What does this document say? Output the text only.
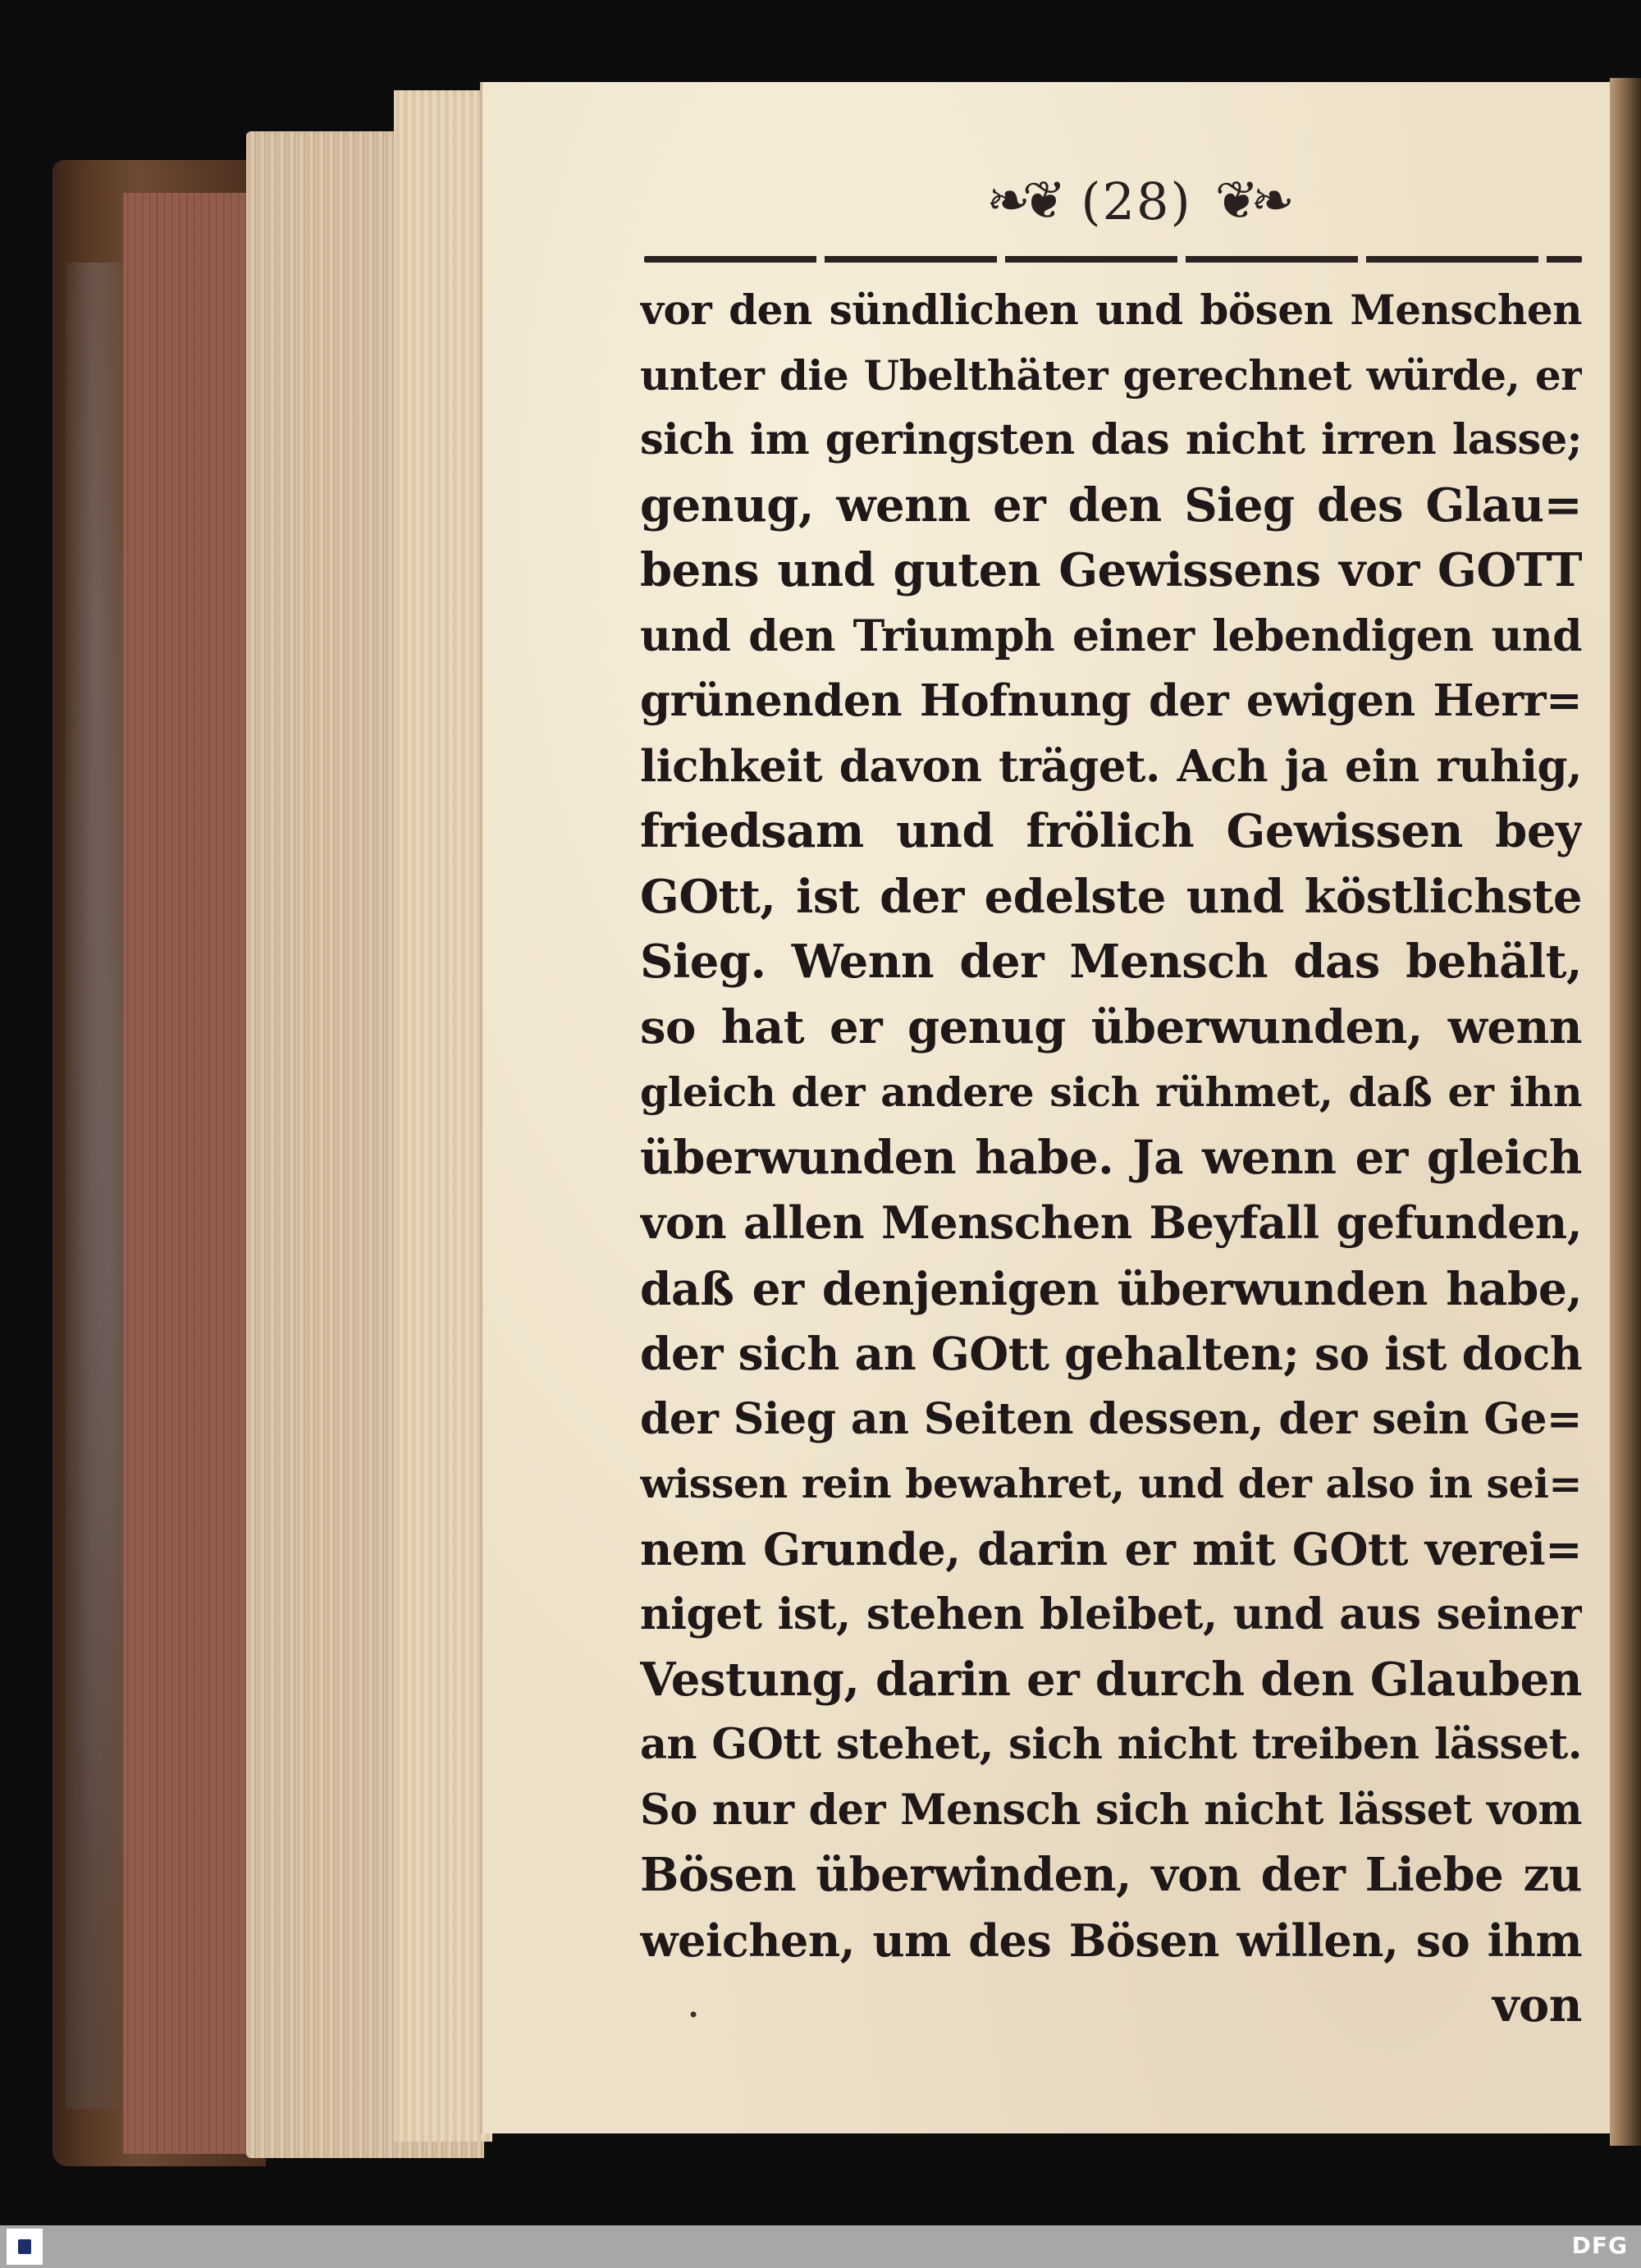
❧❦ (28) ❦❧
vor den sündlichen und bösen Menschen
unter die Ubelthäter gerechnet würde, er
sich im geringsten das nicht irren lasse;
genug, wenn er den Sieg des Glau=
bens und guten Gewissens vor GOTT
und den Triumph einer lebendigen und
grünenden Hofnung der ewigen Herr=
lichkeit davon träget. Ach ja ein ruhig,
friedsam und frölich Gewissen bey
GOtt, ist der edelste und köstlichste
Sieg. Wenn der Mensch das behält,
so hat er genug überwunden, wenn
gleich der andere sich rühmet, daß er ihn
überwunden habe. Ja wenn er gleich
von allen Menschen Beyfall gefunden,
daß er denjenigen überwunden habe,
der sich an GOtt gehalten; so ist doch
der Sieg an Seiten dessen, der sein Ge=
wissen rein bewahret, und der also in sei=
nem Grunde, darin er mit GOtt verei=
niget ist, stehen bleibet, und aus seiner
Vestung, darin er durch den Glauben
an GOtt stehet, sich nicht treiben lässet.
So nur der Mensch sich nicht lässet vom
Bösen überwinden, von der Liebe zu
weichen, um des Bösen willen, so ihm
von
•
DFG
